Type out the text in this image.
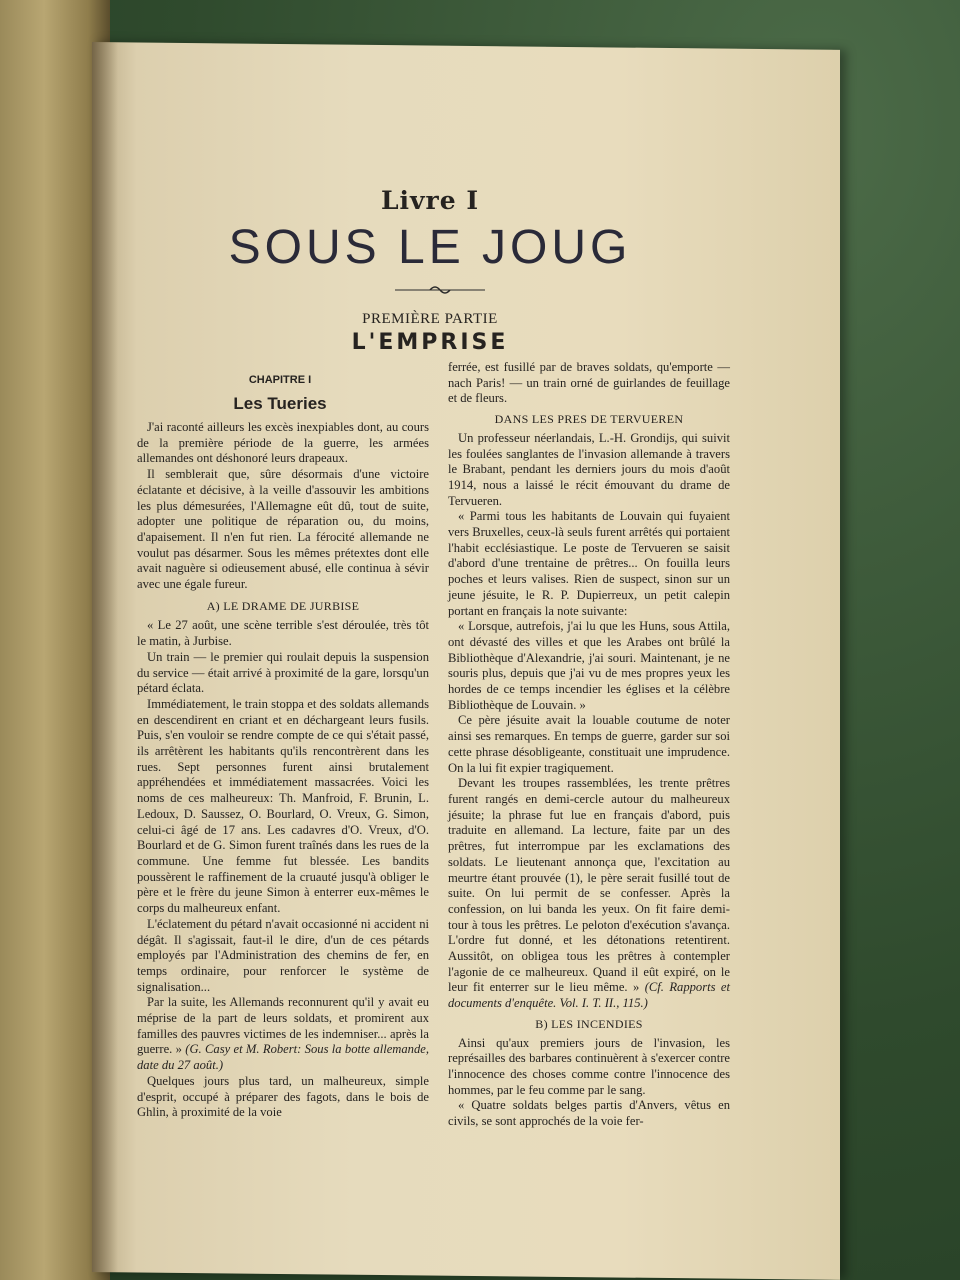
Livre I
SOUS LE JOUG
PREMIÈRE PARTIE
L'EMPRISE
CHAPITRE I
Les Tueries

J'ai raconté ailleurs les excès inexpiables dont, au cours de la première période de la guerre, les armées allemandes ont déshonoré leurs drapeaux.

Il semblerait que, sûre désormais d'une victoire éclatante et décisive, à la veille d'assouvir les ambitions les plus démesurées, l'Allemagne eût dû, tout de suite, adopter une politique de réparation ou, du moins, d'apaisement. Il n'en fut rien. La férocité allemande ne voulut pas désarmer. Sous les mêmes prétextes dont elle avait naguère si odieusement abusé, elle continua à sévir avec une égale fureur.

A) LE DRAME DE JURBISE

« Le 27 août, une scène terrible s'est déroulée, très tôt le matin, à Jurbise.

Un train — le premier qui roulait depuis la suspension du service — était arrivé à proximité de la gare, lorsqu'un pétard éclata.

Immédiatement, le train stoppa et des soldats allemands en descendirent en criant et en déchargeant leurs fusils. Puis, s'en vouloir se rendre compte de ce qui s'était passé, ils arrêtèrent les habitants qu'ils rencontrèrent dans les rues. Sept personnes furent ainsi brutalement appréhendées et immédiatement massacrées. Voici les noms de ces malheureux: Th. Manfroid, F. Brunin, L. Ledoux, D. Saussez, O. Bourlard, O. Vreux, G. Simon, celui-ci âgé de 17 ans. Les cadavres d'O. Vreux, d'O. Bourlard et de G. Simon furent traînés dans les rues de la commune. Une femme fut blessée. Les bandits poussèrent le raffinement de la cruauté jusqu'à obliger le père et le frère du jeune Simon à enterrer eux-mêmes le corps du malheureux enfant.

L'éclatement du pétard n'avait occasionné ni accident ni dégât. Il s'agissait, faut-il le dire, d'un de ces pétards employés par l'Administration des chemins de fer, en temps ordinaire, pour renforcer le système de signalisation...

Par la suite, les Allemands reconnurent qu'il y avait eu méprise de la part de leurs soldats, et promirent aux familles des pauvres victimes de les indemniser... après la guerre. » (G. Casy et M. Robert: Sous la botte allemande, date du 27 août.)

Quelques jours plus tard, un malheureux, simple d'esprit, occupé à préparer des fagots, dans le bois de Ghlin, à proximité de la voie

ferrée, est fusillé par de braves soldats, qu'emporte — nach Paris! — un train orné de guirlandes de feuillage et de fleurs.

DANS LES PRES DE TERVUEREN

Un professeur néerlandais, L.-H. Grondijs, qui suivit les foulées sanglantes de l'invasion allemande à travers le Brabant, pendant les derniers jours du mois d'août 1914, nous a laissé le récit émouvant du drame de Tervueren.

« Parmi tous les habitants de Louvain qui fuyaient vers Bruxelles, ceux-là seuls furent arrêtés qui portaient l'habit ecclésiastique. Le poste de Tervueren se saisit d'abord d'une trentaine de prêtres... On fouilla leurs poches et leurs valises. Rien de suspect, sinon sur un jeune jésuite, le R. P. Dupierreux, un petit calepin portant en français la note suivante:

« Lorsque, autrefois, j'ai lu que les Huns, sous Attila, ont dévasté des villes et que les Arabes ont brûlé la Bibliothèque d'Alexandrie, j'ai souri. Maintenant, je ne souris plus, depuis que j'ai vu de mes propres yeux les hordes de ce temps incendier les églises et la célèbre Bibliothèque de Louvain. »

Ce père jésuite avait la louable coutume de noter ainsi ses remarques. En temps de guerre, garder sur soi cette phrase désobligeante, constituait une imprudence. On la lui fit expier tragiquement.

Devant les troupes rassemblées, les trente prêtres furent rangés en demi-cercle autour du malheureux jésuite; la phrase fut lue en français d'abord, puis traduite en allemand. La lecture, faite par un des prêtres, fut interrompue par les exclamations des soldats. Le lieutenant annonça que, l'excitation au meurtre étant prouvée (1), le père serait fusillé tout de suite. On lui permit de se confesser. Après la confession, on lui banda les yeux. On fit faire demi-tour à tous les prêtres. Le peloton d'exécution s'avança. L'ordre fut donné, et les détonations retentirent. Aussitôt, on obligea tous les prêtres à contempler l'agonie de ce malheureux. Quand il eût expiré, on le leur fit enterrer sur le lieu même. » (Cf. Rapports et documents d'enquête. Vol. I. T. II., 115.)

B) LES INCENDIES

Ainsi qu'aux premiers jours de l'invasion, les représailles des barbares continuèrent à s'exercer contre l'innocence des choses comme contre l'innocence des hommes, par le feu comme par le sang.

« Quatre soldats belges partis d'Anvers, vêtus en civils, se sont approchés de la voie fer-
